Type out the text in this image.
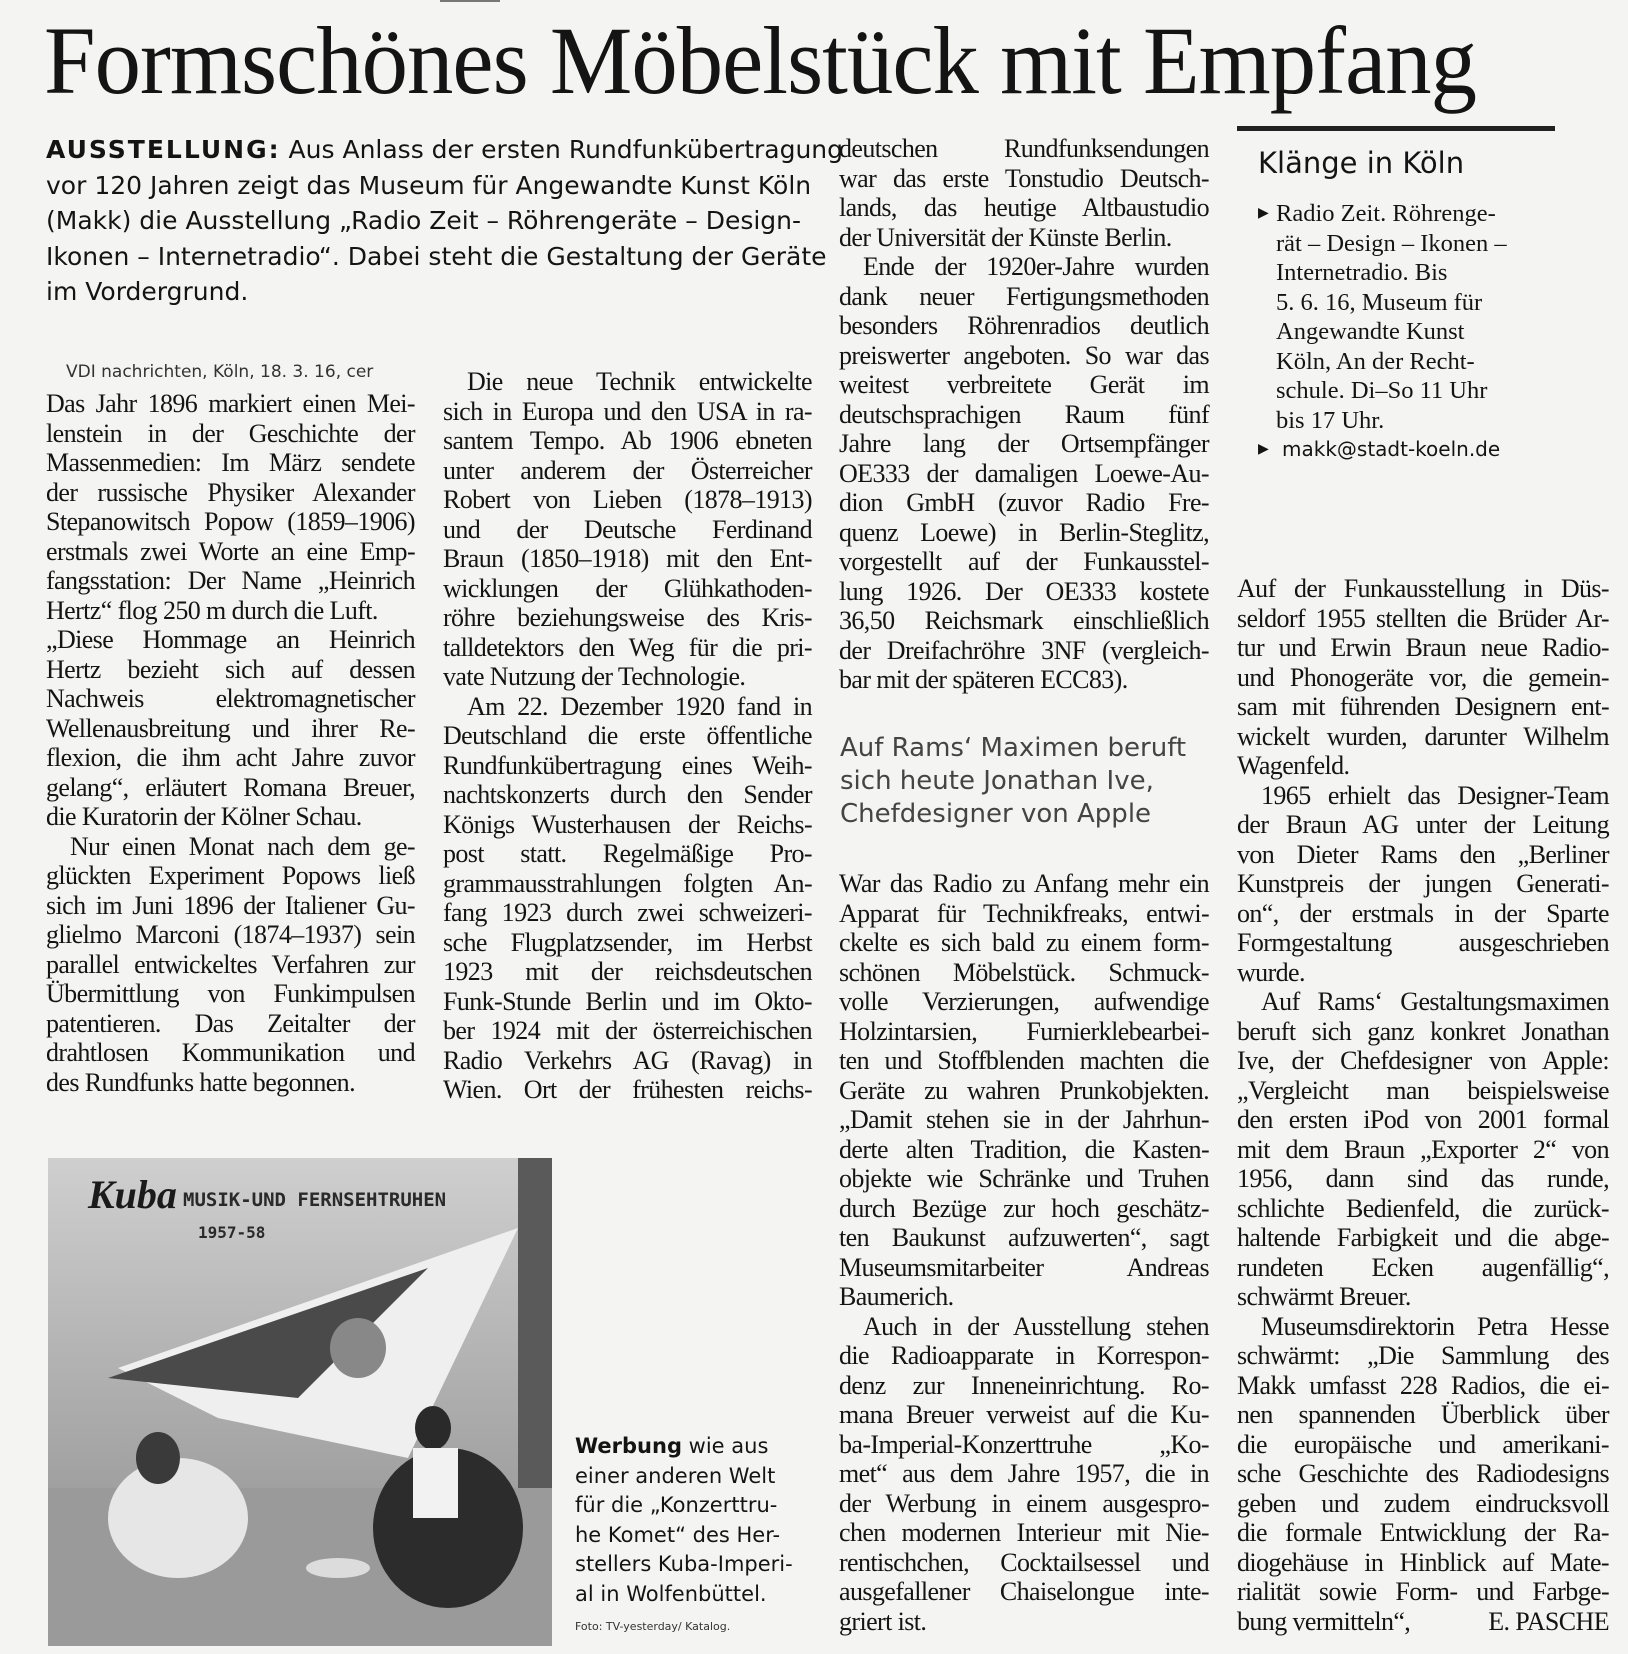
Formschönes Möbelstück mit Empfang
AUSSTELLUNG: Aus Anlass der ersten Rundfunkübertragung
vor 120 Jahren zeigt das Museum für Angewandte Kunst Köln
(Makk) die Ausstellung „Radio Zeit – Röhrengeräte – Design-
Ikonen – Internetradio“. Dabei steht die Gestaltung der Geräte
im Vordergrund.
VDI nachrichten, Köln, 18. 3. 16, cer
Das Jahr 1896 markiert einen Mei-
lenstein in der Geschichte der
Massenmedien: Im März sendete
der russische Physiker Alexander
Stepanowitsch Popow (1859–1906)
erstmals zwei Worte an eine Emp-
fangsstation: Der Name „Heinrich
Hertz“ flog 250 m durch die Luft.
„Diese Hommage an Heinrich
Hertz bezieht sich auf dessen
Nachweis elektromagnetischer
Wellenausbreitung und ihrer Re-
flexion, die ihm acht Jahre zuvor
gelang“, erläutert Romana Breuer,
die Kuratorin der Kölner Schau.
Nur einen Monat nach dem ge-
glückten Experiment Popows ließ
sich im Juni 1896 der Italiener Gu-
glielmo Marconi (1874–1937) sein
parallel entwickeltes Verfahren zur
Übermittlung von Funkimpulsen
patentieren. Das Zeitalter der
drahtlosen Kommunikation und
des Rundfunks hatte begonnen.
Die neue Technik entwickelte
sich in Europa und den USA in ra-
santem Tempo. Ab 1906 ebneten
unter anderem der Österreicher
Robert von Lieben (1878–1913)
und der Deutsche Ferdinand
Braun (1850–1918) mit den Ent-
wicklungen der Glühkathoden-
röhre beziehungsweise des Kris-
talldetektors den Weg für die pri-
vate Nutzung der Technologie.
Am 22. Dezember 1920 fand in
Deutschland die erste öffentliche
Rundfunkübertragung eines Weih-
nachtskonzerts durch den Sender
Königs Wusterhausen der Reichs-
post statt. Regelmäßige Pro-
grammausstrahlungen folgten An-
fang 1923 durch zwei schweizeri-
sche Flugplatzsender, im Herbst
1923 mit der reichsdeutschen
Funk-Stunde Berlin und im Okto-
ber 1924 mit der österreichischen
Radio Verkehrs AG (Ravag) in
Wien. Ort der frühesten reichs-
deutschen Rundfunksendungen
war das erste Tonstudio Deutsch-
lands, das heutige Altbaustudio
der Universität der Künste Berlin.
Ende der 1920er-Jahre wurden
dank neuer Fertigungsmethoden
besonders Röhrenradios deutlich
preiswerter angeboten. So war das
weitest verbreitete Gerät im
deutschsprachigen Raum fünf
Jahre lang der Ortsempfänger
OE333 der damaligen Loewe-Au-
dion GmbH (zuvor Radio Fre-
quenz Loewe) in Berlin-Steglitz,
vorgestellt auf der Funkausstel-
lung 1926. Der OE333 kostete
36,50 Reichsmark einschließlich
der Dreifachröhre 3NF (vergleich-
bar mit der späteren ECC83).
War das Radio zu Anfang mehr ein
Apparat für Technikfreaks, entwi-
ckelte es sich bald zu einem form-
schönen Möbelstück. Schmuck-
volle Verzierungen, aufwendige
Holzintarsien, Furnierklebearbei-
ten und Stoffblenden machten die
Geräte zu wahren Prunkobjekten.
„Damit stehen sie in der Jahrhun-
derte alten Tradition, die Kasten-
objekte wie Schränke und Truhen
durch Bezüge zur hoch geschätz-
ten Baukunst aufzuwerten“, sagt
Museumsmitarbeiter Andreas
Baumerich.
Auch in der Ausstellung stehen
die Radioapparate in Korrespon-
denz zur Inneneinrichtung. Ro-
mana Breuer verweist auf die Ku-
ba-Imperial-Konzerttruhe „Ko-
met“ aus dem Jahre 1957, die in
der Werbung in einem ausgespro-
chen modernen Interieur mit Nie-
rentischchen, Cocktailsessel und
ausgefallener Chaiselongue inte-
griert ist.
Auf der Funkausstellung in Düs-
seldorf 1955 stellten die Brüder Ar-
tur und Erwin Braun neue Radio-
und Phonogeräte vor, die gemein-
sam mit führenden Designern ent-
wickelt wurden, darunter Wilhelm
Wagenfeld.
1965 erhielt das Designer-Team
der Braun AG unter der Leitung
von Dieter Rams den „Berliner
Kunstpreis der jungen Generati-
on“, der erstmals in der Sparte
Formgestaltung ausgeschrieben
wurde.
Auf Rams‘ Gestaltungsmaximen
beruft sich ganz konkret Jonathan
Ive, der Chefdesigner von Apple:
„Vergleicht man beispielsweise
den ersten iPod von 2001 formal
mit dem Braun „Exporter 2“ von
1956, dann sind das runde,
schlichte Bedienfeld, die zurück-
haltende Farbigkeit und die abge-
rundeten Ecken augenfällig“,
schwärmt Breuer.
Museumsdirektorin Petra Hesse
schwärmt: „Die Sammlung des
Makk umfasst 228 Radios, die ei-
nen spannenden Überblick über
die europäische und amerikani-
sche Geschichte des Radiodesigns
geben und zudem eindrucksvoll
die formale Entwicklung der Ra-
diogehäuse in Hinblick auf Mate-
rialität sowie Form- und Farbge-
bung vermitteln“,	E. PASCHE
Auf Rams‘ Maximen beruft
sich heute Jonathan Ive,
Chefdesigner von Apple
Klänge in Köln
▶ Radio Zeit. Röhrenge-
rät – Design – Ikonen –
Internetradio. Bis
5. 6. 16, Museum für
Angewandte Kunst
Köln, An der Recht-
schule. Di–So 11 Uhr
bis 17 Uhr.
▶ makk@stadt-koeln.de
Kuba MUSIK-UND FERNSEHTRUHEN
1957-58
Werbung wie aus
einer anderen Welt
für die „Konzerttru-
he Komet“ des Her-
stellers Kuba-Imperi-
al in Wolfenbüttel.
Foto: TV-yesterday/ Katalog.
